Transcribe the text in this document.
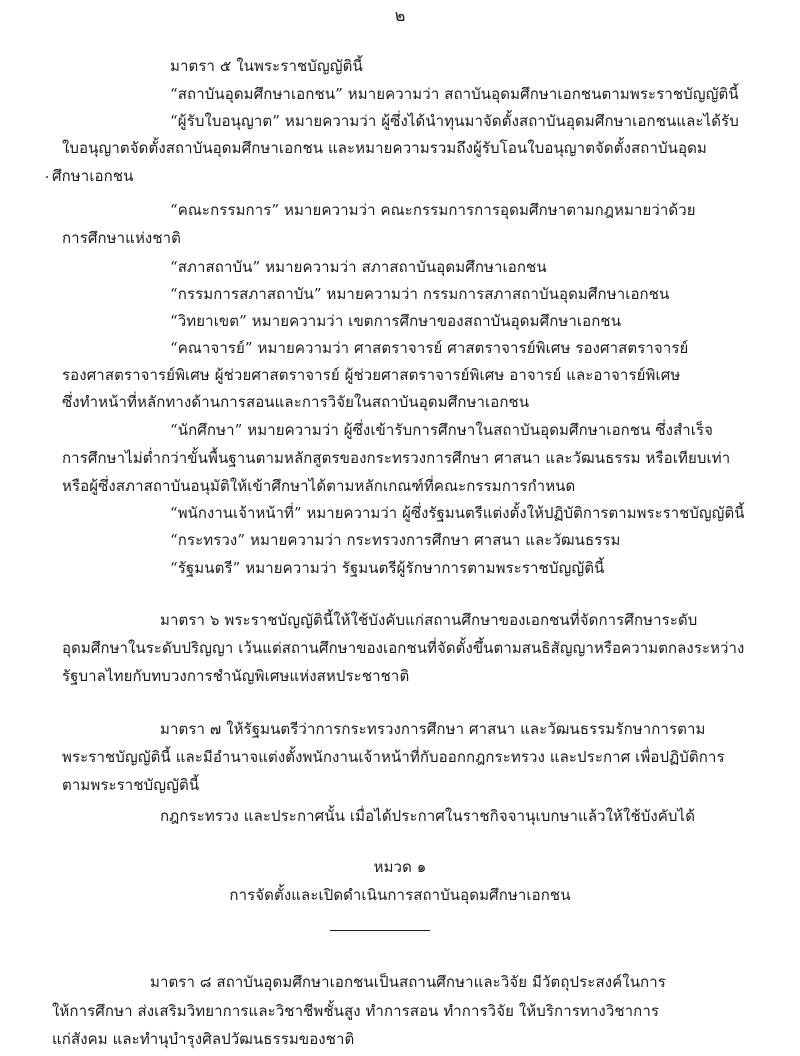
๒
มาตรา ๕ ในพระราชบัญญัตินี้
“สถาบันอุดมศึกษาเอกชน” หมายความว่า สถาบันอุดมศึกษาเอกชนตามพระราชบัญญัตินี้
“ผู้รับใบอนุญาต” หมายความว่า ผู้ซึ่งได้นำทุนมาจัดตั้งสถาบันอุดมศึกษาเอกชนและได้รับ
ใบอนุญาตจัดตั้งสถาบันอุดมศึกษาเอกชน และหมายความรวมถึงผู้รับโอนใบอนุญาตจัดตั้งสถาบันอุดม
ศึกษาเอกชน
“คณะกรรมการ” หมายความว่า คณะกรรมการการอุดมศึกษาตามกฎหมายว่าด้วย
การศึกษาแห่งชาติ
“สภาสถาบัน” หมายความว่า สภาสถาบันอุดมศึกษาเอกชน
“กรรมการสภาสถาบัน” หมายความว่า กรรมการสภาสถาบันอุดมศึกษาเอกชน
“วิทยาเขต” หมายความว่า เขตการศึกษาของสถาบันอุดมศึกษาเอกชน
“คณาจารย์” หมายความว่า ศาสตราจารย์ ศาสตราจารย์พิเศษ รองศาสตราจารย์
รองศาสตราจารย์พิเศษ ผู้ช่วยศาสตราจารย์ ผู้ช่วยศาสตราจารย์พิเศษ อาจารย์ และอาจารย์พิเศษ
ซึ่งทำหน้าที่หลักทางด้านการสอนและการวิจัยในสถาบันอุดมศึกษาเอกชน
“นักศึกษา” หมายความว่า ผู้ซึ่งเข้ารับการศึกษาในสถาบันอุดมศึกษาเอกชน ซึ่งสำเร็จ
การศึกษาไม่ต่ำกว่าขั้นพื้นฐานตามหลักสูตรของกระทรวงการศึกษา ศาสนา และวัฒนธรรม หรือเทียบเท่า
หรือผู้ซึ่งสภาสถาบันอนุมัติให้เข้าศึกษาได้ตามหลักเกณฑ์ที่คณะกรรมการกำหนด
“พนักงานเจ้าหน้าที่” หมายความว่า ผู้ซึ่งรัฐมนตรีแต่งตั้งให้ปฏิบัติการตามพระราชบัญญัตินี้
“กระทรวง” หมายความว่า กระทรวงการศึกษา ศาสนา และวัฒนธรรม
“รัฐมนตรี” หมายความว่า รัฐมนตรีผู้รักษาการตามพระราชบัญญัตินี้
มาตรา ๖ พระราชบัญญัตินี้ให้ใช้บังคับแก่สถานศึกษาของเอกชนที่จัดการศึกษาระดับ
อุดมศึกษาในระดับปริญญา เว้นแต่สถานศึกษาของเอกชนที่จัดตั้งขึ้นตามสนธิสัญญาหรือความตกลงระหว่าง
รัฐบาลไทยกับทบวงการชำนัญพิเศษแห่งสหประชาชาติ
มาตรา ๗ ให้รัฐมนตรีว่าการกระทรวงการศึกษา ศาสนา และวัฒนธรรมรักษาการตาม
พระราชบัญญัตินี้ และมีอำนาจแต่งตั้งพนักงานเจ้าหน้าที่กับออกกฎกระทรวง และประกาศ เพื่อปฏิบัติการ
ตามพระราชบัญญัตินี้
กฎกระทรวง และประกาศนั้น เมื่อได้ประกาศในราชกิจจานุเบกษาแล้วให้ใช้บังคับได้
หมวด ๑
การจัดตั้งและเปิดดำเนินการสถาบันอุดมศึกษาเอกชน
มาตรา ๘ สถาบันอุดมศึกษาเอกชนเป็นสถานศึกษาและวิจัย มีวัตถุประสงค์ในการ
ให้การศึกษา ส่งเสริมวิทยาการและวิชาชีพชั้นสูง ทำการสอน ทำการวิจัย ให้บริการทางวิชาการ
แก่สังคม และทำนุบำรุงศิลปวัฒนธรรมของชาติ
